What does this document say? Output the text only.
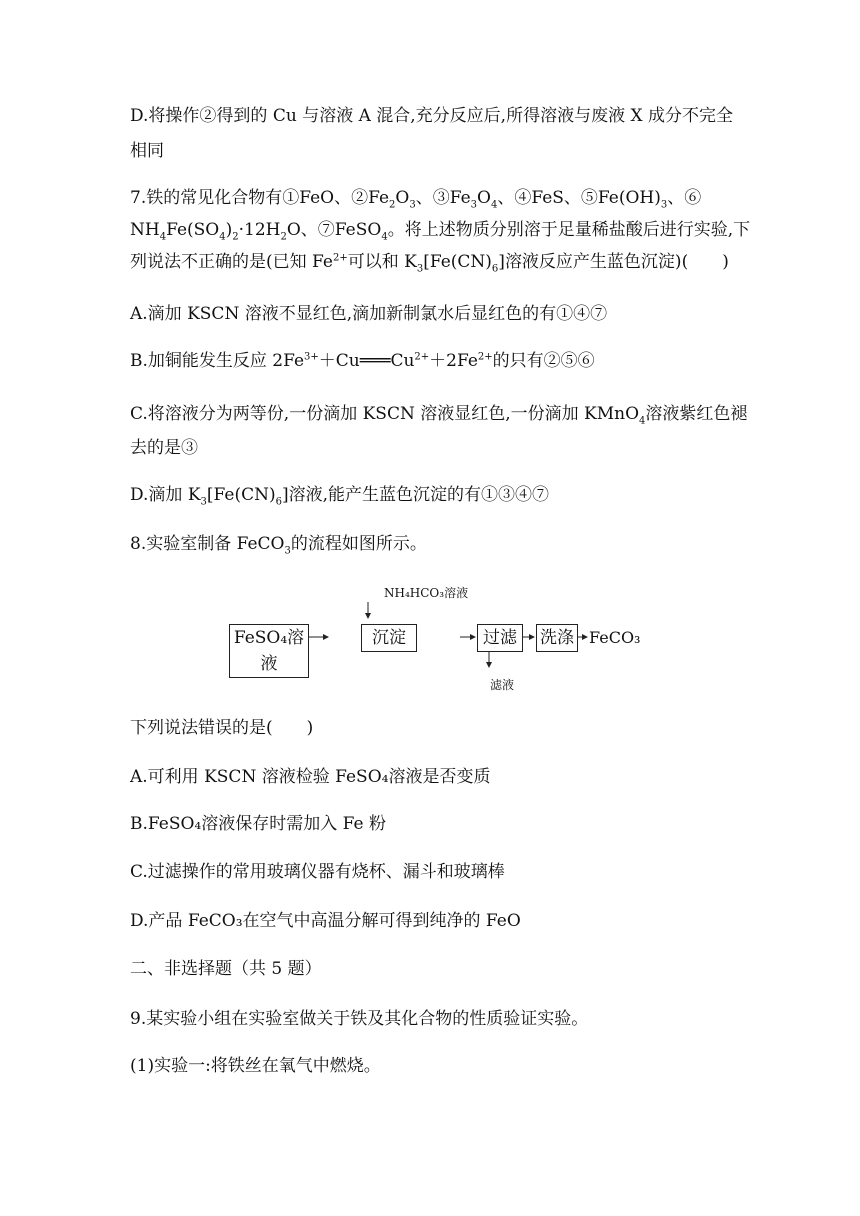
D.将操作②得到的 Cu 与溶液 A 混合,充分反应后,所得溶液与废液 X 成分不完全
相同
7.铁的常见化合物有①FeO、$②Fe_2O_3$、$③Fe_3O_4$、④FeS、$⑤Fe(OH)_3$、⑥
$NH_4Fe(SO_4)_2\cdot 12H_2O$、⑦FeSO$_4$。将上述物质分别溶于足量稀盐酸后进行实验,下
列说法不正确的是(已知 $Fe^{2+}$可以和 $K_3[Fe(CN)_6]$溶液反应产生蓝色沉淀)(　　)
A.滴加 KSCN 溶液不显红色,滴加新制氯水后显红色的有①④⑦
B.加铜能发生反应 $2Fe^{3+}+Cu═══Cu^{2+}+2Fe^{2+}$的只有②⑤⑥
C.将溶液分为两等份,一份滴加 KSCN 溶液显红色,一份滴加 KMnO$_4$溶液紫红色褪
去的是③
D.滴加 $K_3[Fe(CN)_6]$溶液,能产生蓝色沉淀的有①③④⑦
8.实验室制备 FeCO$_3$的流程如图所示。
NH₄HCO₃溶液
FeSO₄溶液
沉淀	过滤	洗涤 FeCO₃
滤液
下列说法错误的是(　　)
A.可利用 KSCN 溶液检验 FeSO₄溶液是否变质
B.FeSO₄溶液保存时需加入 Fe 粉
C.过滤操作的常用玻璃仪器有烧杯、漏斗和玻璃棒
D.产品 FeCO₃在空气中高温分解可得到纯净的 FeO
二、非选择题（共 5 题）
9.某实验小组在实验室做关于铁及其化合物的性质验证实验。
(1)实验一:将铁丝在氧气中燃烧。
